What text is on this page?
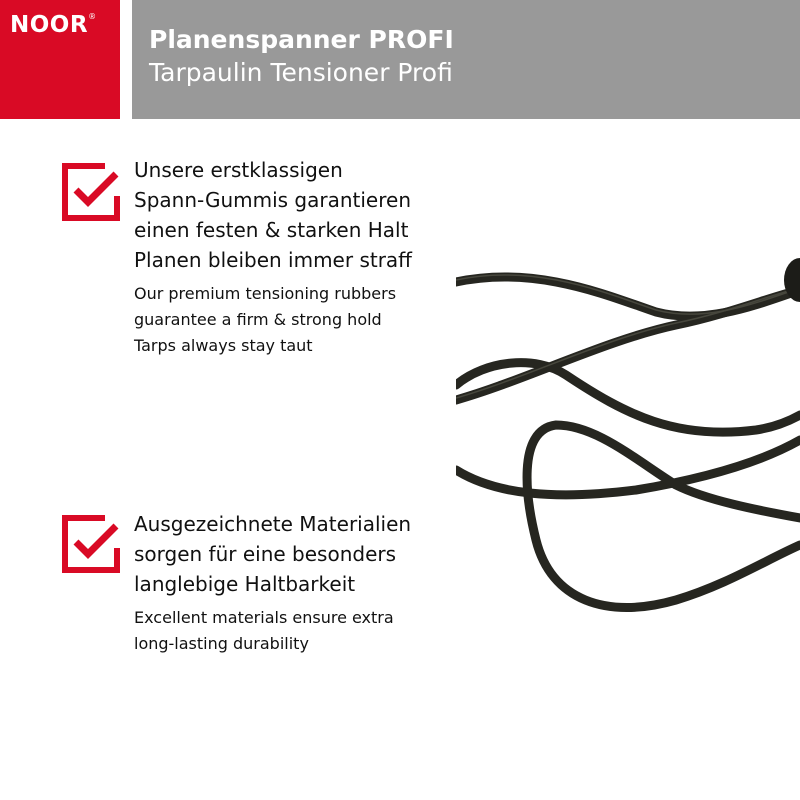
NOOR®
Planenspanner PROFI
Tarpaulin Tensioner Profi
Unsere erstklassigen
Spann-Gummis garantieren
einen festen & starken Halt
Planen bleiben immer straff
Our premium tensioning rubbers
guarantee a firm & strong hold
Tarps always stay taut
Ausgezeichnete Materialien
sorgen für eine besonders
langlebige Haltbarkeit
Excellent materials ensure extra
long-lasting durability
